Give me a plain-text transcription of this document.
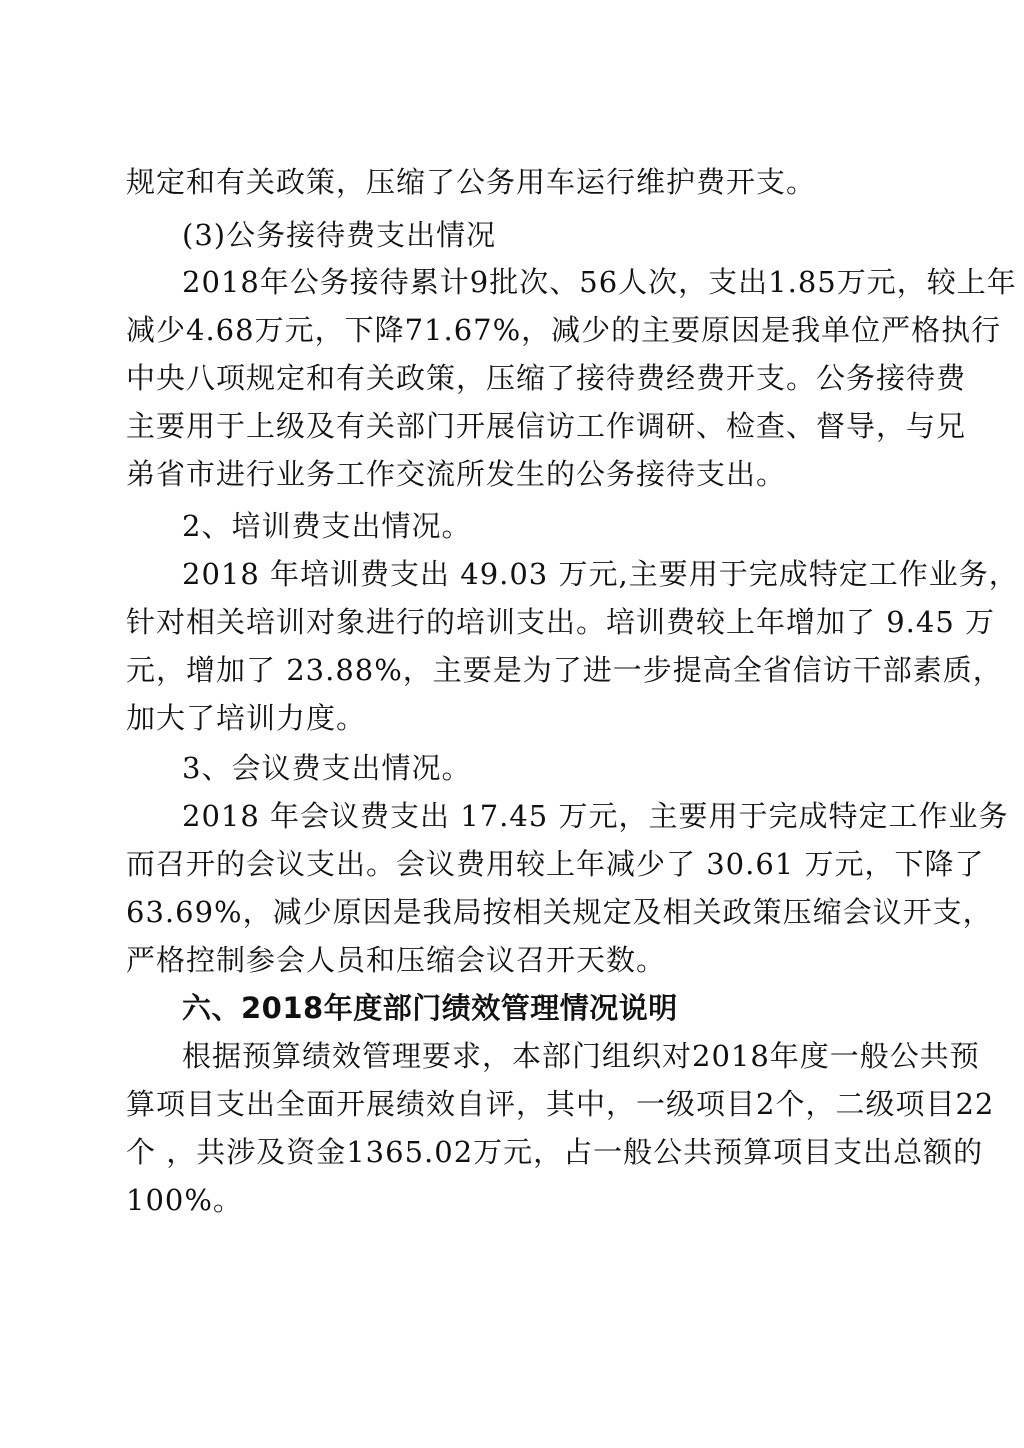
规定和有关政策，压缩了公务用车运行维护费开支。
(3)公务接待费支出情况
2018年公务接待累计9批次、56人次，支出1.85万元，较上年
减少4.68万元，下降71.67%，减少的主要原因是我单位严格执行
中央八项规定和有关政策，压缩了接待费经费开支。公务接待费
主要用于上级及有关部门开展信访工作调研、检查、督导，与兄
弟省市进行业务工作交流所发生的公务接待支出。
2、培训费支出情况。
2018 年培训费支出 49.03 万元,主要用于完成特定工作业务，
针对相关培训对象进行的培训支出。培训费较上年增加了 9.45 万
元，增加了 23.88%，主要是为了进一步提高全省信访干部素质，
加大了培训力度。
3、会议费支出情况。
2018 年会议费支出 17.45 万元，主要用于完成特定工作业务
而召开的会议支出。会议费用较上年减少了 30.61 万元，下降了
63.69%，减少原因是我局按相关规定及相关政策压缩会议开支，
严格控制参会人员和压缩会议召开天数。
六、2018年度部门绩效管理情况说明
根据预算绩效管理要求，本部门组织对2018年度一般公共预
算项目支出全面开展绩效自评，其中，一级项目2个，二级项目22
个 ，共涉及资金1365.02万元，占一般公共预算项目支出总额的
100%。
